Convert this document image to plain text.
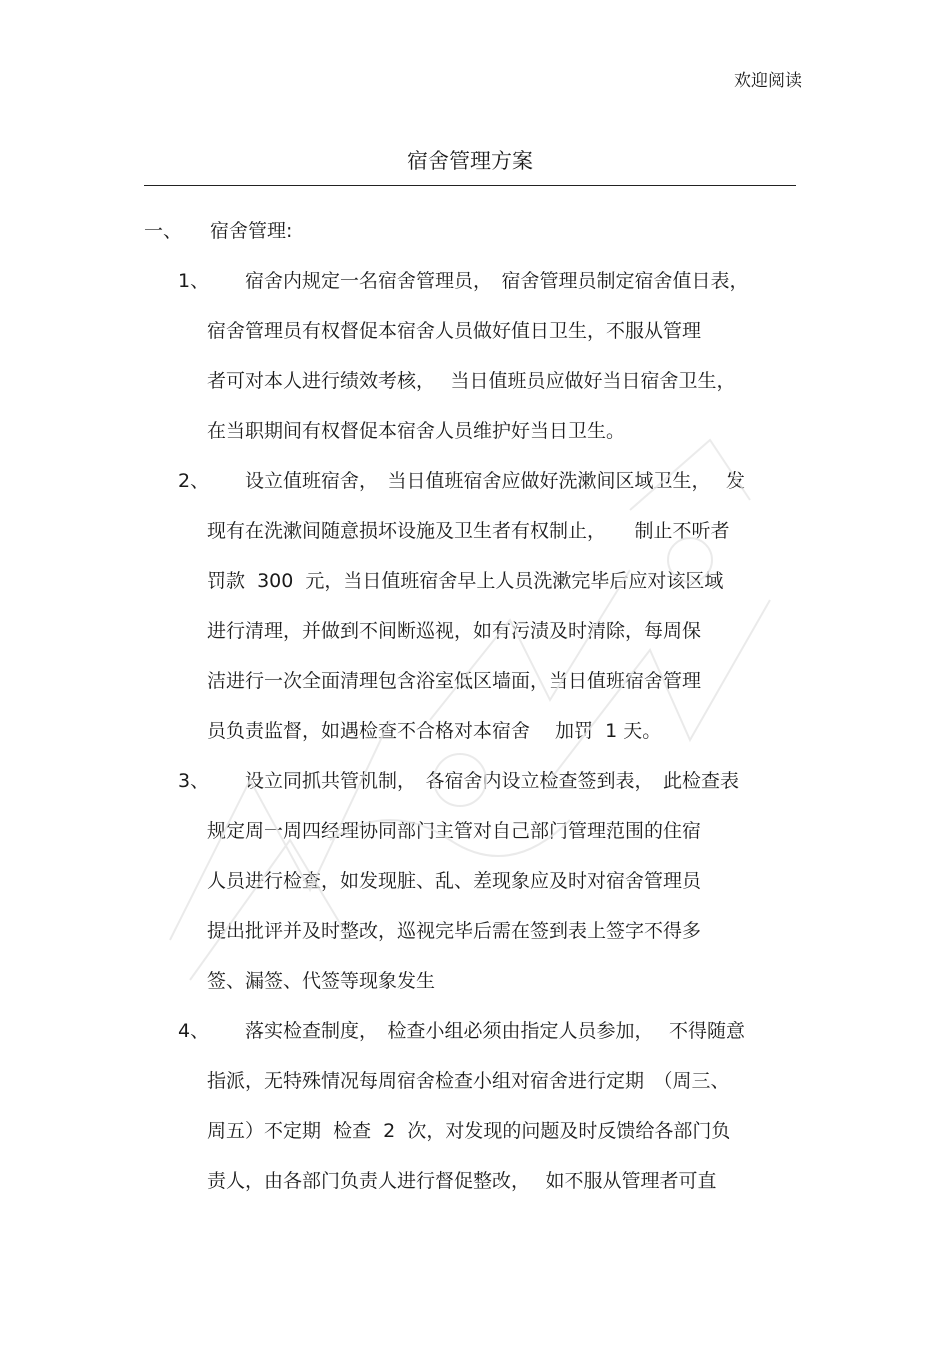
欢迎阅读
宿舍管理方案
一、 宿舍管理:
1、 宿舍内规定一名宿舍管理员，　宿舍管理员制定宿舍值日表，
宿舍管理员有权督促本宿舍人员做好值日卫生，不服从管理
者可对本人进行绩效考核，　 当日值班员应做好当日宿舍卫生，
在当职期间有权督促本宿舍人员维护好当日卫生。
2、 设立值班宿舍，　当日值班宿舍应做好洗漱间区域卫生，　 发
现有在洗漱间随意损坏设施及卫生者有权制止，　　制止不听者
罚款  300  元，当日值班宿舍早上人员洗漱完毕后应对该区域
进行清理，并做到不间断巡视，如有污渍及时清除，每周保
洁进行一次全面清理包含浴室低区墙面，当日值班宿舍管理
员负责监督，如遇检查不合格对本宿舍　 加罚  1 天。
3、 设立同抓共管机制，　各宿舍内设立检查签到表，　此检查表
规定周一周四经理协同部门主管对自己部门管理范围的住宿
人员进行检查，如发现脏、乱、差现象应及时对宿舍管理员
提出批评并及时整改，巡视完毕后需在签到表上签字不得多
签、漏签、代签等现象发生
4、 落实检查制度，　检查小组必须由指定人员参加，　 不得随意
指派，无特殊情况每周宿舍检查小组对宿舍进行定期　（周三、
周五）不定期  检查  2  次，对发现的问题及时反馈给各部门负
责人，由各部门负责人进行督促整改，　 如不服从管理者可直
